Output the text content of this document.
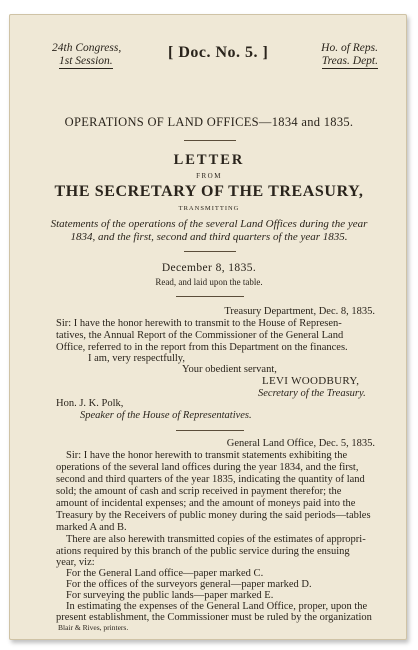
24th Congress,
1st Session.	[ Doc. No. 5. ]	Ho. of Reps.
Treas. Dept.
OPERATIONS OF LAND OFFICES—1834 and 1835.
LETTER
FROM
THE SECRETARY OF THE TREASURY,
TRANSMITTING
Statements of the operations of the several Land Offices during the year
1834, and the first, second and third quarters of the year 1835.
December 8, 1835.
Read, and laid upon the table.
Treasury Department, Dec. 8, 1835.
Sir: I have the honor herewith to transmit to the House of Represen-
tatives, the Annual Report of the Commissioner of the General Land
Office, referred to in the report from this Department on the finances.
I am, very respectfully,
Your obedient servant,
LEVI WOODBURY,
Secretary of the Treasury.
Hon. J. K. Polk,
Speaker of the House of Representatives.
General Land Office, Dec. 5, 1835.
Sir: I have the honor herewith to transmit statements exhibiting the
operations of the several land offices during the year 1834, and the first,
second and third quarters of the year 1835, indicating the quantity of land
sold; the amount of cash and scrip received in payment therefor; the
amount of incidental expenses; and the amount of moneys paid into the
Treasury by the Receivers of public money during the said periods—tables
marked A and B.
There are also herewith transmitted copies of the estimates of appropri-
ations required by this branch of the public service during the ensuing
year, viz:
For the General Land office—paper marked C.
For the offices of the surveyors general—paper marked D.
For surveying the public lands—paper marked E.
In estimating the expenses of the General Land Office, proper, upon the
present establishment, the Commissioner must be ruled by the organization
Blair & Rives, printers.
